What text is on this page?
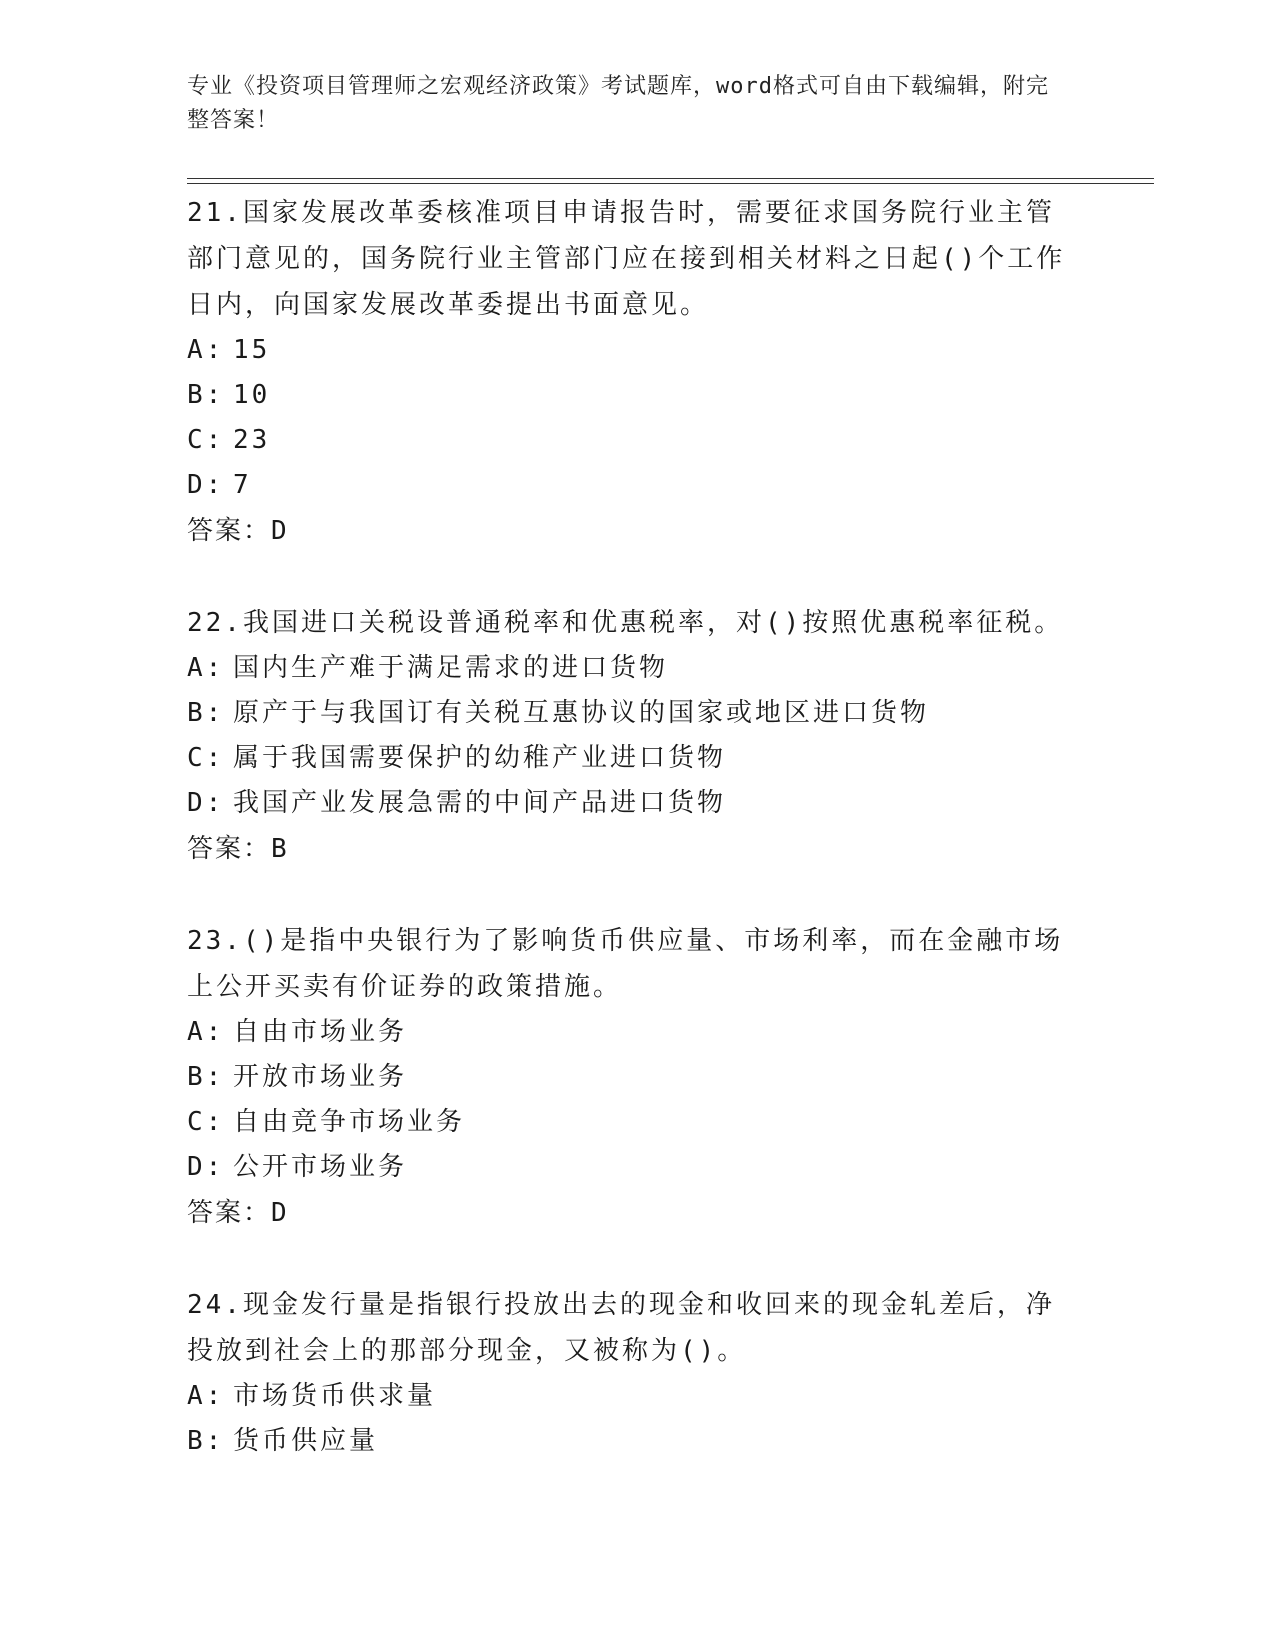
专业《投资项目管理师之宏观经济政策》考试题库，word格式可自由下载编辑，附完整答案！

21.国家发展改革委核准项目申请报告时，需要征求国务院行业主管部门意见的，国务院行业主管部门应在接到相关材料之日起()个工作日内，向国家发展改革委提出书面意见。

A: 15

B: 10

C: 23

D: 7

答案：D

22.我国进口关税设普通税率和优惠税率，对()按照优惠税率征税。

A: 国内生产难于满足需求的进口货物

B: 原产于与我国订有关税互惠协议的国家或地区进口货物

C: 属于我国需要保护的幼稚产业进口货物

D: 我国产业发展急需的中间产品进口货物

答案：B

23.()是指中央银行为了影响货币供应量、市场利率，而在金融市场上公开买卖有价证券的政策措施。

A: 自由市场业务

B: 开放市场业务

C: 自由竞争市场业务

D: 公开市场业务

答案：D

24.现金发行量是指银行投放出去的现金和收回来的现金轧差后，净投放到社会上的那部分现金，又被称为()。

A: 市场货币供求量

B: 货币供应量
